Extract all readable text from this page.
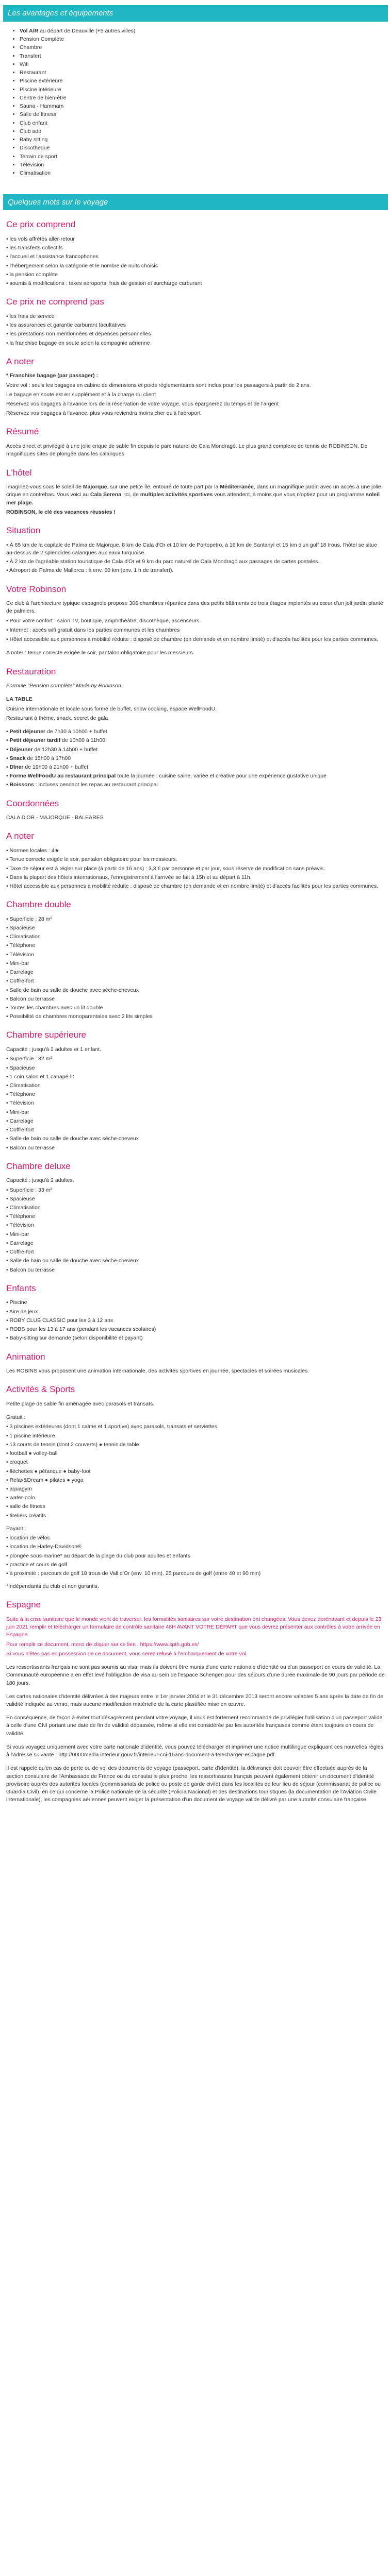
Les avantages et équipements
• Vol A/R au départ de Deauville (+5 autres villes)
• Pension Complète
• Chambre
• Transfert
• Wifi
• Restaurant
• Piscine extérieure
• Piscine intérieure
• Centre de bien-être
• Sauna - Hammam
• Salle de fitness
• Club enfant
• Club ado
• Baby sitting
• Discothèque
• Terrain de sport
• Télévision
• Climatisation
Quelques mots sur le voyage
Ce prix comprend
• les vols affrétés aller-retour
• les transferts collectifs
• l'accueil et l'assistance francophones
• l'hébergement selon la catégorie et le nombre de nuits choisis
• la pension complète
• soumis à modifications : taxes aéroports, frais de gestion et surcharge carburant
Ce prix ne comprend pas
• les frais de service
• les assurances et garantie carburant facultatives
• les prestations non mentionnées et dépenses personnelles
• la franchise bagage en soute selon la compagnie aérienne
A noter

* Franchise bagage (par passager) :

Votre vol : seuls les bagages en cabine de dimensions et poids réglementaires sont inclus pour les passagers à partir de 2 ans.

Le bagage en soute est en supplément et à la charge du client

Réservez vos bagages à l'avance lors de la réservation de votre voyage, vous épargnerez du temps et de l'argent

Réservez vos bagages à l'avance, plus vous reviendra moins cher qu'à l'aéroport

Résumé

Accès direct et privilégié à une jolie crique de sable fin depuis le parc naturel de Cala Mondragó. Le plus grand complexe de tennis de ROBINSON. De magnifiques sites de plongée dans les calanques

L'hôtel

Imaginez-vous sous le soleil de Majorque, sur une petite île, entouré de toute part par la Méditerranée, dans un magnifique jardin avec un accès à une jolie crique en contrebas. Vous voici au Cala Serena. Ici, de multiples activités sportives vous attendent, à moins que vous n'optiez pour un programme soleil mer plage.

ROBINSON, le clé des vacances réussies !

Situation
• À 65 km de la capitale de Palma de Majorque, 8 km de Cala d'Or et 10 km de Portopetro, à 16 km de Santanyí et 15 km d'un golf 18 trous, l'hôtel se situe au-dessus de 2 splendides calanques aux eaux turquoise.
• À 2 km de l'agréable station touristique de Cala d'Or et 9 km du parc naturel de Cala Mondragó aux passages de cartes postales.
• Aéroport de Palma de Mallorca : à env. 60 km (env. 1 h de transfert).
Votre Robinson

Ce club à l'architecture typique espagnole propose 306 chambres réparties dans des petits bâtiments de trois étages implantés au cœur d'un joli jardin planté de palmiers.

• Pour votre confort : salon TV, boutique, amphithéâtre, discothèque, ascenseurs.

• Internet : accès wifi gratuit dans les parties communes et les chambres

• Hôtel accessible aux personnes à mobilité réduite : disposé de chambre (en demande et en nombre limité) et d'accès facilités pour les parties communes.

A noter : tenue correcte exigée le soir, pantalon obligatoire pour les messieurs.

Restauration

Formule "Pension complète" Made by Robinson

LA TABLE

Cuisine internationale et locale sous forme de buffet, show cooking, espace WellFoodU.

Restaurant à thème, snack, secret de gala

• Petit déjeuner de 7h30 à 10h00 + buffet
• Petit déjeuner tardif de 10h00 à 11h00
• Déjeuner de 12h30 à 14h00 + buffet
• Snack de 15h00 à 17h00
• Dîner de 19h00 à 21h00 + buffet
• Forme WellFoodU au restaurant principal toute la journée : cuisine saine, variée et créative pour une expérience gustative unique
• Boissons : incluses pendant les repas au restaurant principal
Coordonnées

CALA D'OR - MAJORQUE - BALEARES

A noter
• Normes locales : 4★
• Tenue correcte exigée le soir, pantalon obligatoire pour les messieurs.
• Taxe de séjour est à régler sur place (à partir de 16 ans) : 3,3 € par personne et par jour, sous réserve de modification sans préavis.
• Dans la plupart des hôtels internationaux, l'enregistrement à l'arrivée se fait à 15h et au départ à 11h.
• Hôtel accessible aux personnes à mobilité réduite : disposé de chambre (en demande et en nombre limité) et d'accès facilités pour les parties communes.
Chambre double
• Superficie : 28 m²
• Spacieuse
• Climatisation
• Téléphone
• Télévision
• Mini-bar
• Carrelage
• Coffre-fort
• Salle de bain ou salle de douche avec sèche-cheveux
• Balcon ou terrasse
• Toutes les chambres avec un lit double
• Possibilité de chambres monoparentales avec 2 lits simples
Chambre supérieure

Capacité : jusqu'à 2 adultes et 1 enfant.

• Superficie : 32 m²
• Spacieuse
• 1 coin salon et 1 canapé-lit
• Climatisation
• Téléphone
• Télévision
• Mini-bar
• Carrelage
• Coffre-fort
• Salle de bain ou salle de douche avec sèche-cheveux
• Balcon ou terrasse
Chambre deluxe

Capacité : jusqu'à 2 adultes.

• Superficie : 33 m²
• Spacieuse
• Climatisation
• Téléphone
• Télévision
• Mini-bar
• Carrelage
• Coffre-fort
• Salle de bain ou salle de douche avec sèche-cheveux
• Balcon ou terrasse
Enfants
• Piscine
• Aire de jeux
• ROBY CLUB CLASSIC pour les 3 à 12 ans
• ROBS pour les 13 à 17 ans (pendant les vacances scolaires)
• Baby-sitting sur demande (selon disponibilité et payant)
Animation

Les ROBINS vous proposent une animation internationale, des activités sportives en journée, spectacles et soirées musicales.

Activités & Sports

Petite plage de sable fin aménagée avec parasols et transats.

Gratuit :

• 3 piscines extérieures (dont 1 calme et 1 sportive) avec parasols, transats et serviettes
• 1 piscine intérieure
• 13 courts de tennis (dont 2 couverts) ● tennis de table
• football ● volley-ball
• croquet
• fléchettes ● pétanque ● baby-foot
• Relax&Dream ● pilates ● yoga
• aquagym
• water-polo
• salle de fitness
• tireliers créatifs

Payant :

• location de vélos
• location de Harley-Davidson®
• plongée sous-marine* au départ de la plage du club pour adultes et enfants
• practice et cours de golf
• à proximité : parcours de golf 18 trous de Vall d'Or (env. 10 min), 25 parcours de golf (entre 40 et 90 min)

*Indépendants du club et non garantis.

Espagne

Suite à la crise sanitaire que le monde vient de traverser, les formalités sanitaires sur votre destination ont changées. Vous devez dorénavant et depuis le 23 juin 2021 remplir et télécharger un formulaire de contrôle sanitaire 48H AVANT VOTRE DÉPART que vous devrez présenter aux contrôles à votre arrivée en Espagne.

Pour remplir ce document, merci de cliquer sur ce lien : https://www.spth.gob.es/

Si vous n'êtes pas en possession de ce document, vous serez refusé à l'embarquement de votre vol.

Les ressortissants français ne sont pas soumis au visa, mais ils doivent être munis d'une carte nationale d'identité ou d'un passeport en cours de validité. La Communauté européenne a en effet levé l'obligation de visa au sein de l'espace Schengen pour des séjours d'une durée maximale de 90 jours par période de 180 jours.

Les cartes nationales d'identité délivrées à des majeurs entre le 1er janvier 2004 et le 31 décembre 2013 seront encore valables 5 ans après la date de fin de validité indiquée au verso, mais aucune modification matérielle de la carte plastifiée mise en œuvre.

En conséquence, de façon à éviter tout désagrément pendant votre voyage, il vous est fortement recommandé de privilégier l'utilisation d'un passeport valide à celle d'une CNI portant une date de fin de validité dépassée, même si elle est considérée par les autorités françaises comme étant toujours en cours de validité.

Si vous voyagez uniquement avec votre carte nationale d'identité, vous pouvez télécharger et imprimer une notice multilingue expliquant ces nouvelles règles à l'adresse suivante : http://0000media.interieur.gouv.fr/interieur-cni-15ans-document-a-telecharger-espagne.pdf

Il est rappelé qu'en cas de perte ou de vol des documents de voyage (passeport, carte d'identité), la délivrance doit pouvoir être effectuée auprès de la section consulaire de l'Ambassade de France ou du consulat le plus proche, les ressortissants français peuvent également obtenir un document d'identité provisoire auprès des autorités locales (commissariats de police ou poste de garde civile) dans les localités de leur lieu de séjour (commissariat de police ou Guardia Civil), en ce qui concerne la Police nationale de la sécurité (Policía Nacional) et des destinations touristiques (la documentation de l'Aviation Civile internationale), les compagnies aériennes peuvent exiger la présentation d'un document de voyage valide délivré par une autorité consulaire française.
